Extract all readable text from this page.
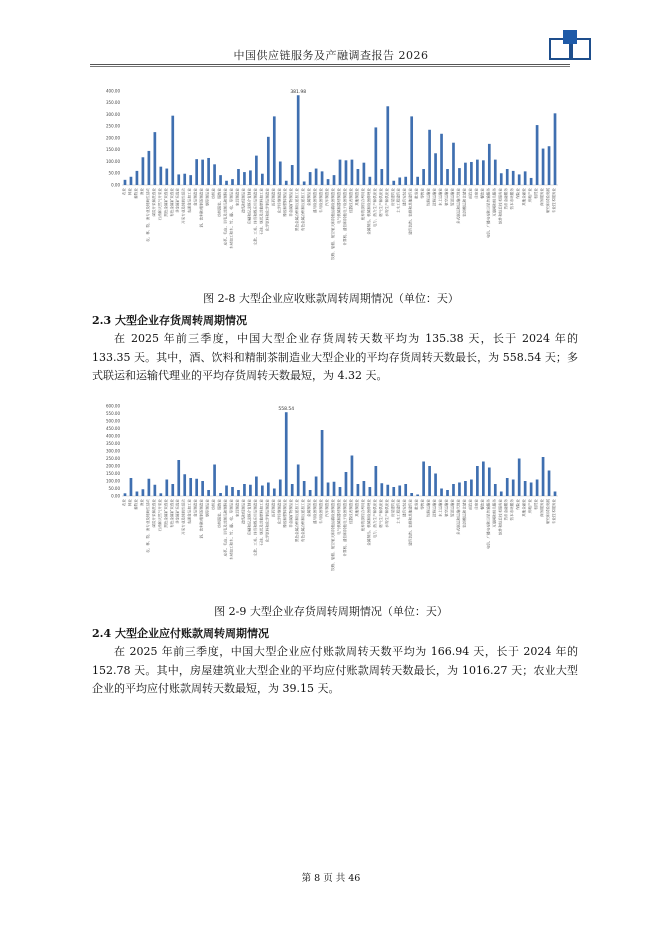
中国供应链服务及产融调查报告 2026
0.00
50.00
100.00
150.00
200.00
250.00
300.00
350.00
400.00
农业 林业 畜牧业 渔业 农、林、牧、渔专业及辅助性活动 煤炭开采和洗选业 石油和天然气开采业 黑色金属矿采选业 有色金属矿采选业 非金属矿采选业 开采专业及辅助性活动 农副食品加工业 食品制造业 酒、饮料和精制茶制造业 烟草制品业 纺织业 纺织服装、服饰业 皮革、毛皮、羽毛及其制品和制鞋业 木材加工和木、竹、藤、棕、草制品业 家具制造业 造纸和纸制品业 印刷和记录媒介复制业 文教、工美、体育和娱乐用品制造业 石油、煤炭及其他燃料加工业 化学原料和化学制品制造业 医药制造业 化学纤维制造业 橡胶和塑料制品业 非金属矿物制品业 黑色金属冶炼和压延加工业
381.98
有色金属冶炼和压延加工业 金属制品业 通用设备制造业 专用设备制造业 汽车制造业 铁路、船舶、航空航天和其他运输设备制造业 电气机械和器材制造业 计算机、通信和其他电子设备制造业 仪器仪表制造业 其他制造业 废弃资源综合利用业 金属制品、机械和设备修理业 电力、热力生产和供应业 燃气生产和供应业 水的生产和供应业 房屋建筑业 土木工程建筑业 建筑安装业 建筑装饰、装修和其他建筑业 批发业 零售业 铁路运输业 道路运输业 水上运输业 航空运输业 管道运输业 多式联运和运输代理业 装卸搬运和仓储业 邮政业 住宿业 餐饮业 电信、广播电视和卫星传输服务 互联网和相关服务 软件和信息技术服务业 货币金融服务 资本市场服务 保险业 其他金融业 房地产业 租赁业 商务服务业 研究和试验发展 专业技术服务业
图 2-8 大型企业应收账款周转周期情况（单位：天）
2.3 大型企业存货周转周期情况
在 2025 年前三季度，中国大型企业存货周转天数平均为 135.38 天，长于 2024 年的 133.35 天。其中，酒、饮料和精制茶制造业大型企业的平均存货周转天数最长，为 558.54 天；多式联运和运输代理业的平均存货周转天数最短，为 4.32 天。
0.00
50.00
100.00
150.00
200.00
250.00
300.00
350.00
400.00
450.00
500.00
550.00
600.00
农业 林业 畜牧业 渔业 农、林、牧、渔专业及辅助性活动 煤炭开采和洗选业 石油和天然气开采业 黑色金属矿采选业 有色金属矿采选业 非金属矿采选业 开采专业及辅助性活动 农副食品加工业 食品制造业 酒、饮料和精制茶制造业 烟草制品业 纺织业 纺织服装、服饰业 皮革、毛皮、羽毛及其制品和制鞋业 木材加工和木、竹、藤、棕、草制品业 家具制造业 造纸和纸制品业 印刷和记录媒介复制业 文教、工美、体育和娱乐用品制造业 石油、煤炭及其他燃料加工业 化学原料和化学制品制造业 医药制造业 化学纤维制造业 橡胶和塑料制品业
558.54
非金属矿物制品业 黑色金属冶炼和压延加工业 有色金属冶炼和压延加工业 金属制品业 通用设备制造业 专用设备制造业 汽车制造业 铁路、船舶、航空航天和其他运输设备制造业 电气机械和器材制造业 计算机、通信和其他电子设备制造业 仪器仪表制造业 其他制造业 废弃资源综合利用业 金属制品、机械和设备修理业 电力、热力生产和供应业 燃气生产和供应业 水的生产和供应业 房屋建筑业 土木工程建筑业 建筑安装业 建筑装饰、装修和其他建筑业 批发业 零售业 铁路运输业 道路运输业 水上运输业 航空运输业 管道运输业 多式联运和运输代理业 装卸搬运和仓储业 邮政业 住宿业 餐饮业 电信、广播电视和卫星传输服务 互联网和相关服务 软件和信息技术服务业 货币金融服务 资本市场服务 保险业 其他金融业 房地产业 租赁业 商务服务业 研究和试验发展 专业技术服务业
图 2-9 大型企业存货周转周期情况（单位：天）
2.4 大型企业应付账款周转周期情况
在 2025 年前三季度，中国大型企业应付账款周转天数平均为 166.94 天，长于 2024 年的 152.78 天。其中，房屋建筑业大型企业的平均应付账款周转天数最长，为 1016.27 天；农业大型企业的平均应付账款周转天数最短，为 39.15 天。
第 8 页 共 46
